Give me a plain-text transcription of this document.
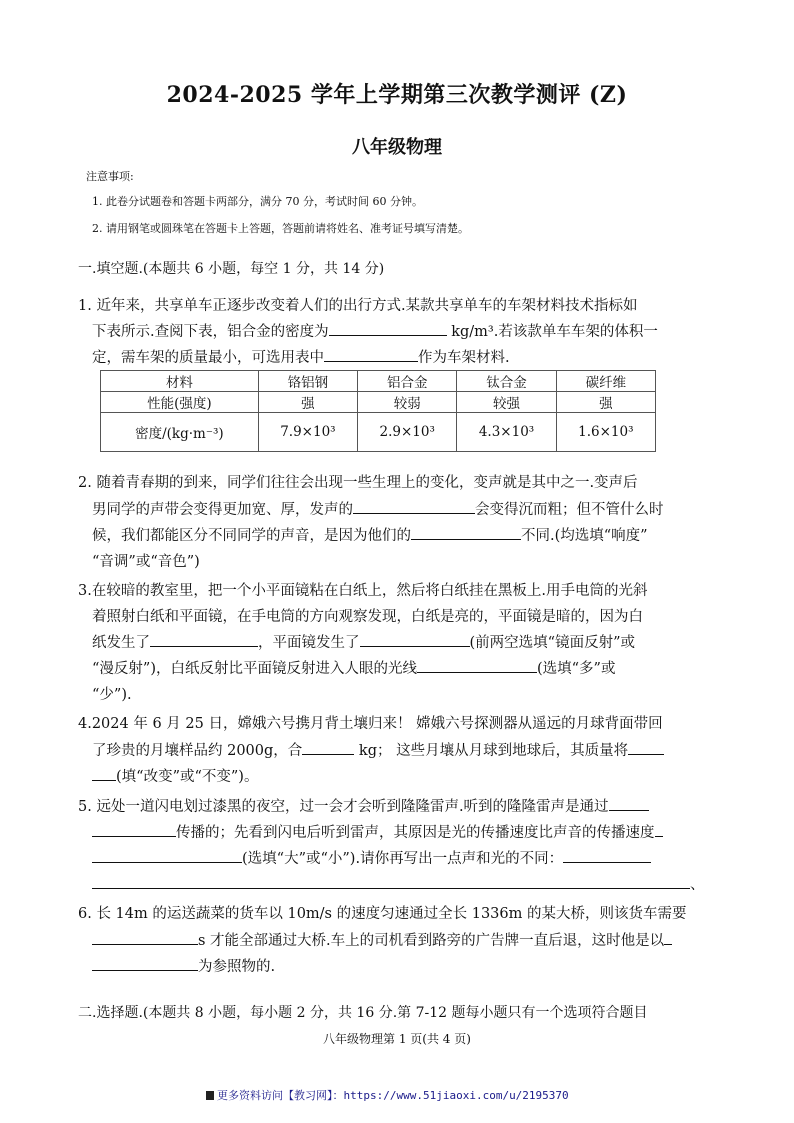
2024-2025 学年上学期第三次教学测评 (Z)
八年级物理
注意事项:
1. 此卷分试题卷和答题卡两部分，满分 70 分，考试时间 60 分钟。
2. 请用钢笔或圆珠笔在答题卡上答题，答题前请将姓名、准考证号填写清楚。
一.填空题.(本题共 6 小题，每空 1 分，共 14 分)
1. 近年来，共享单车正逐步改变着人们的出行方式.某款共享单车的车架材料技术指标如
下表所示.查阅下表，铝合金的密度为	kg/m³.若该款单车车架的体积一
定，需车架的质量最小，可选用表中	作为车架材料.
材料	铬铝钢	铝合金	钛合金	碳纤维
性能(强度)	强	较弱	较强	强
密度/(kg·m⁻³)	7.9×10³	2.9×10³	4.3×10³	1.6×10³
2. 随着青春期的到来，同学们往往会出现一些生理上的变化，变声就是其中之一.变声后
男同学的声带会变得更加宽、厚，发声的	会变得沉而粗；但不管什么时
候，我们都能区分不同同学的声音，是因为他们的	不同.(均选填“响度”
“音调”或“音色”)
3.在较暗的教室里，把一个小平面镜粘在白纸上，然后将白纸挂在黑板上.用手电筒的光斜
着照射白纸和平面镜，在手电筒的方向观察发现，白纸是亮的，平面镜是暗的，因为白
纸发生了	，平面镜发生了	(前两空选填“镜面反射”或
“漫反射”)，白纸反射比平面镜反射进入人眼的光线	(选填“多”或
“少”).
4.2024 年 6 月 25 日，嫦娥六号携月背土壤归来！ 嫦娥六号探测器从遥远的月球背面带回
了珍贵的月壤样品约 2000g，合	kg； 这些月壤从月球到地球后，其质量将
(填“改变”或“不变”)。
5. 远处一道闪电划过漆黑的夜空，过一会才会听到隆隆雷声.听到的隆隆雷声是通过
传播的；先看到闪电后听到雷声，其原因是光的传播速度比声音的传播速度
(选填“大”或“小”).请你再写出一点声和光的不同：
、
6. 长 14m 的运送蔬菜的货车以 10m/s 的速度匀速通过全长 1336m 的某大桥，则该货车需要
s 才能全部通过大桥.车上的司机看到路旁的广告牌一直后退，这时他是以
为参照物的.
二.选择题.(本题共 8 小题，每小题 2 分，共 16 分.第 7-12 题每小题只有一个选项符合题目
八年级物理第 1 页(共 4 页)
更多资料访问【教习网】：https://www.51jiaoxi.com/u/2195370
